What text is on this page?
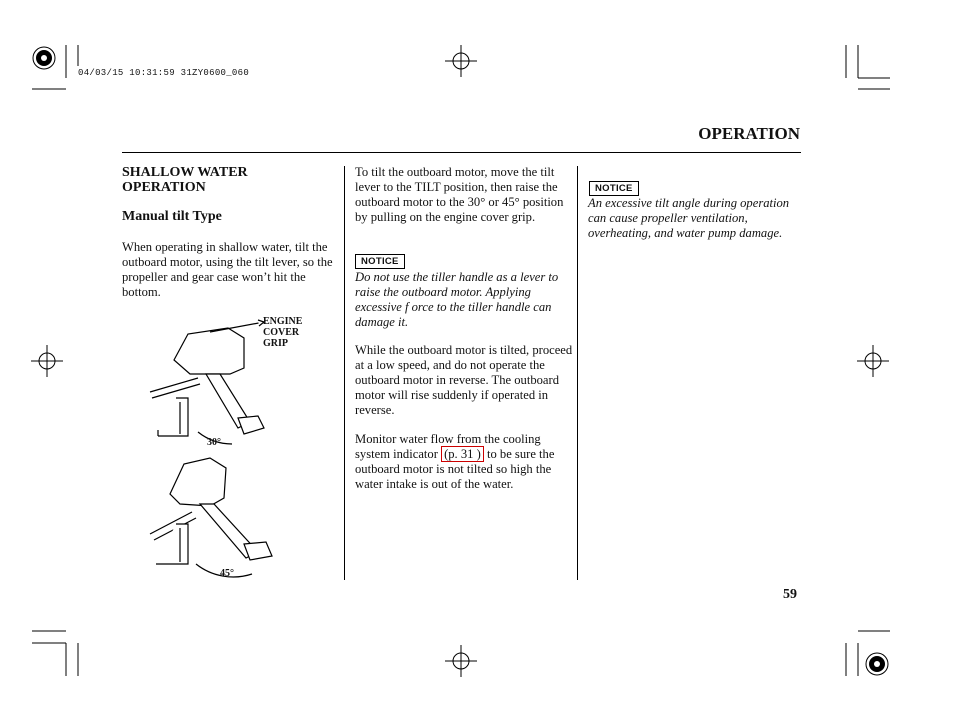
04/03/15 10:31:59 31ZY0600_060
OPERATION
SHALLOW WATER
OPERATION
Manual tilt Type
When operating in shallow water, tilt the outboard motor, using the tilt lever, so the propeller and gear case won’t hit the bottom.
ENGINE
COVER
GRIP
30°
45°
To tilt the outboard motor, move the tilt lever to the TILT position, then raise the outboard motor to the 30° or 45° position by pulling on the engine cover grip.
NOTICE
Do not use the tiller handle as a lever to raise the outboard motor. Applying excessive f orce to the tiller handle can damage it.
While the outboard motor is tilted, proceed at a low speed, and do not operate the outboard motor in reverse. The outboard motor will rise suddenly if operated in reverse.
Monitor water flow from the cooling system indicator (p. 31 ) to be sure the outboard motor is not tilted so high the water intake is out of the water.
NOTICE
An excessive tilt angle during operation can cause propeller ventilation, overheating, and water pump damage.
59
